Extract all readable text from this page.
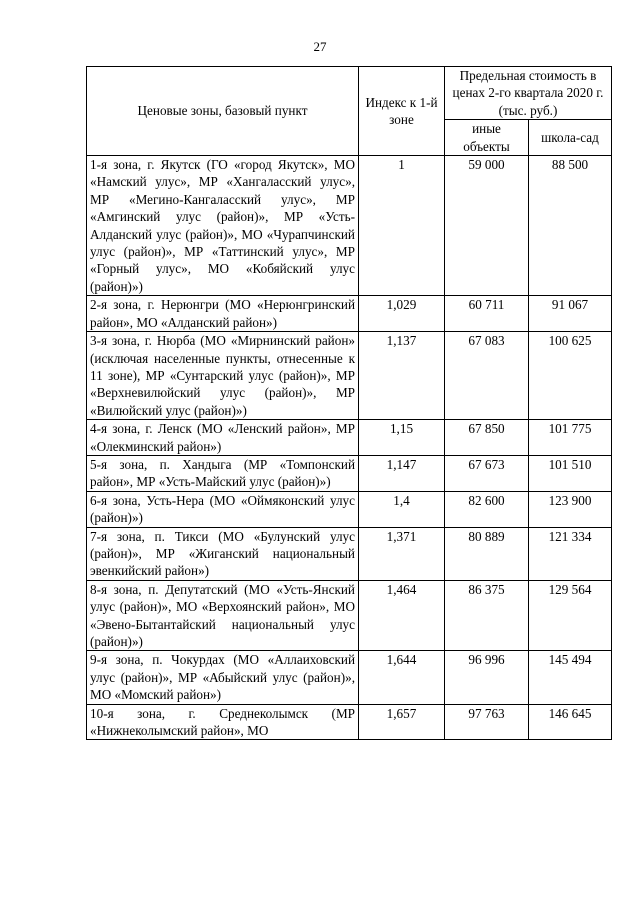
27
Ценовые зоны, базовый пункт	Индекс к 1-й зоне	Предельная стоимость в ценах 2-го квартала 2020 г. (тыс. руб.)	
		иные объекты	школа-сад
1-я зона, г. Якутск (ГО «город Якутск», МО «Намский улус», МР «Хангаласский улус», МР «Мегино-Кангаласский улус», МР «Амгинский улус (район)», МР «Усть-Алданский улус (район)», МО «Чурапчинский улус (район)», МР «Таттинский улус», МР «Горный улус», МО «Кобяйский улус (район)»)	1	59 000	88 500
2-я зона, г. Нерюнгри (МО «Нерюнгринский район», МО «Алданский район»)	1,029	60 711	91 067
3-я зона, г. Нюрба (МО «Мирнинский район» (исключая населенные пункты, отнесенные к 11 зоне), МР «Сунтарский улус (район)», МР «Верхневилюйский улус (район)», МР «Вилюйский улус (район)»)	1,137	67 083	100 625
4-я зона, г. Ленск (МО «Ленский район», МР «Олекминский район»)	1,15	67 850	101 775
5-я зона, п. Хандыга (МР «Томпонский район», МР «Усть-Майский улус (район)»)	1,147	67 673	101 510
6-я зона, Усть-Нера (МО «Оймяконский улус (район)»)	1,4	82 600	123 900
7-я зона, п. Тикси (МО «Булунский улус (район)», МР «Жиганский национальный эвенкийский район»)	1,371	80 889	121 334
8-я зона, п. Депутатский (МО «Усть-Янский улус (район)», МО «Верхоянский район», МО «Эвено-Бытантайский национальный улус (район)»)	1,464	86 375	129 564
9-я зона, п. Чокурдах (МО «Аллаиховский улус (район)», МР «Абыйский улус (район)», МО «Момский район»)	1,644	96 996	145 494
10-я зона, г. Среднеколымск (МР «Нижнеколымский район», МО	1,657	97 763	146 645
